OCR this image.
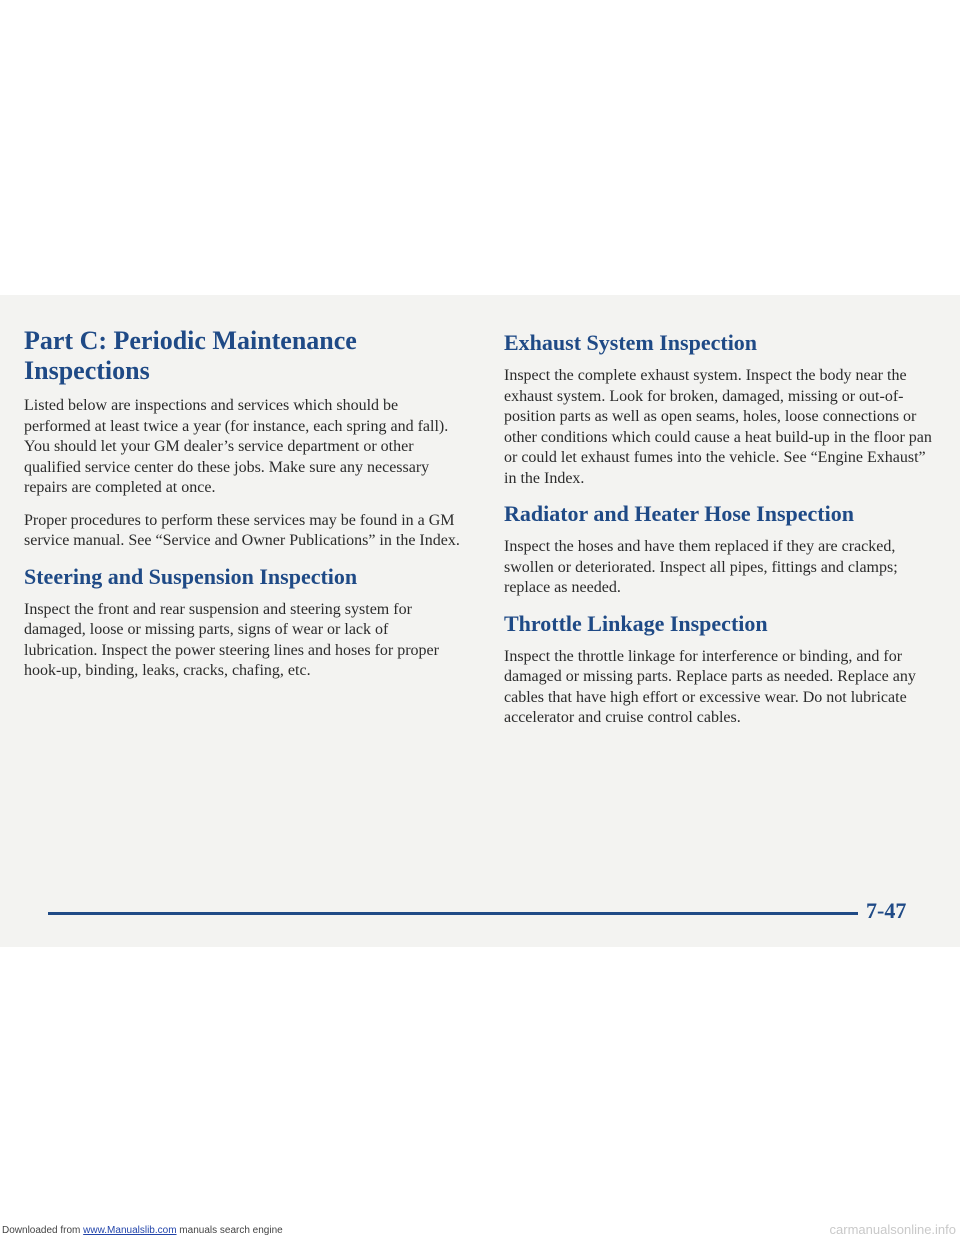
Part C: Periodic Maintenance Inspections

Listed below are inspections and services which should be performed at least twice a year (for instance, each spring and fall). You should let your GM dealer’s service department or other qualified service center do these jobs. Make sure any necessary repairs are completed at once.

Proper procedures to perform these services may be found in a GM service manual. See “Service and Owner Publications” in the Index.

Steering and Suspension Inspection

Inspect the front and rear suspension and steering system for damaged, loose or missing parts, signs of wear or lack of lubrication. Inspect the power steering lines and hoses for proper hook-up, binding, leaks, cracks, chafing, etc.

Exhaust System Inspection

Inspect the complete exhaust system. Inspect the body near the exhaust system. Look for broken, damaged, missing or out-of-position parts as well as open seams, holes, loose connections or other conditions which could cause a heat build-up in the floor pan or could let exhaust fumes into the vehicle. See “Engine Exhaust” in the Index.

Radiator and Heater Hose Inspection

Inspect the hoses and have them replaced if they are cracked, swollen or deteriorated. Inspect all pipes, fittings and clamps; replace as needed.

Throttle Linkage Inspection

Inspect the throttle linkage for interference or binding, and for damaged or missing parts. Replace parts as needed. Replace any cables that have high effort or excessive wear. Do not lubricate accelerator and cruise control cables.

7-47
Downloaded from www.Manualslib.com manuals search engine	carmanualsonline.info
